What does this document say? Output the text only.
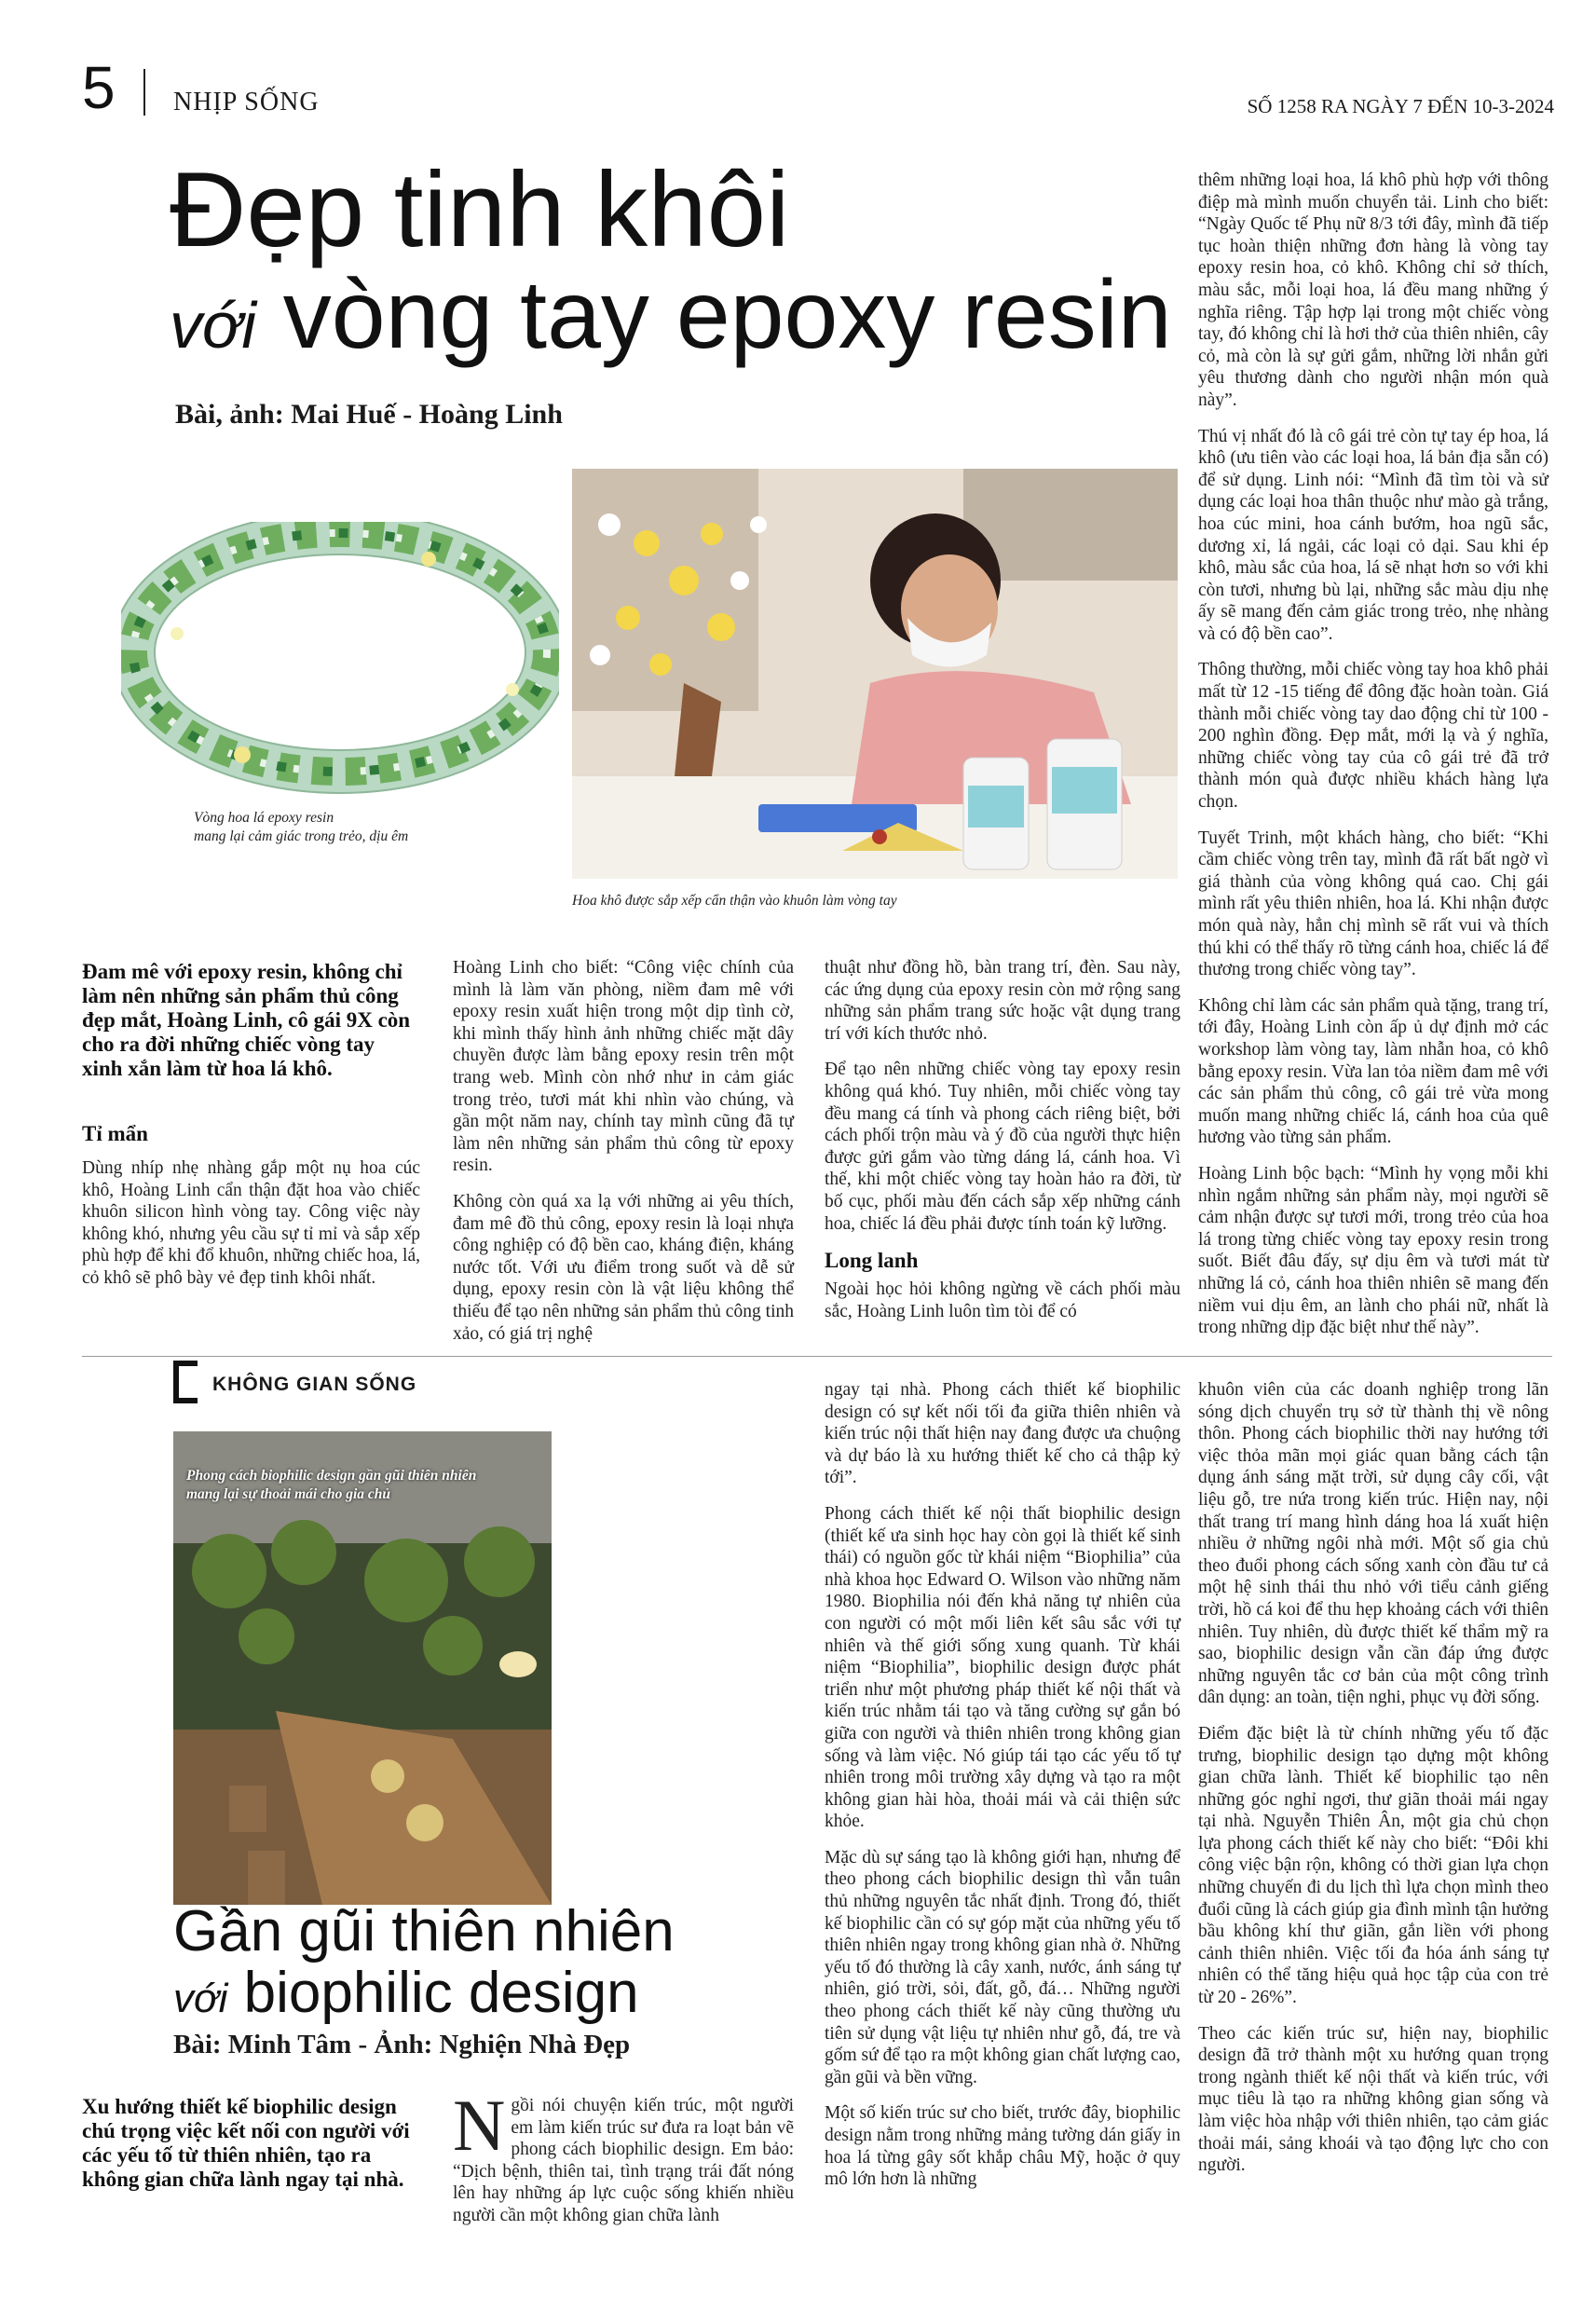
5 NHỊP SỐNG	SỐ 1258 RA NGÀY 7 ĐẾN 10-3-2024
Đẹp tinh khôi
với vòng tay epoxy resin
Bài, ảnh: Mai Huế - Hoàng Linh
Vòng hoa lá epoxy resin
mang lại cảm giác trong trẻo, dịu êm
Hoa khô được sắp xếp cẩn thận vào khuôn làm vòng tay

Đam mê với epoxy resin, không chỉ làm nên những sản phẩm thủ công đẹp mắt, Hoàng Linh, cô gái 9X còn cho ra đời những chiếc vòng tay xinh xắn làm từ hoa lá khô.

Tỉ mẩn

Dùng nhíp nhẹ nhàng gắp một nụ hoa cúc khô, Hoàng Linh cẩn thận đặt hoa vào chiếc khuôn silicon hình vòng tay. Công việc này không khó, nhưng yêu cầu sự tỉ mỉ và sắp xếp phù hợp để khi đổ khuôn, những chiếc hoa, lá, cỏ khô sẽ phô bày vẻ đẹp tinh khôi nhất.

Hoàng Linh cho biết: “Công việc chính của mình là làm văn phòng, niềm đam mê với epoxy resin xuất hiện trong một dịp tình cờ, khi mình thấy hình ảnh những chiếc mặt dây chuyền được làm bằng epoxy resin trên một trang web. Mình còn nhớ như in cảm giác trong trẻo, tươi mát khi nhìn vào chúng, và gần một năm nay, chính tay mình cũng đã tự làm nên những sản phẩm thủ công từ epoxy resin.

Không còn quá xa lạ với những ai yêu thích, đam mê đồ thủ công, epoxy resin là loại nhựa công nghiệp có độ bền cao, kháng điện, kháng nước tốt. Với ưu điểm trong suốt và dễ sử dụng, epoxy resin còn là vật liệu không thể thiếu để tạo nên những sản phẩm thủ công tinh xảo, có giá trị nghệ

thuật như đồng hồ, bàn trang trí, đèn. Sau này, các ứng dụng của epoxy resin còn mở rộng sang những sản phẩm trang sức hoặc vật dụng trang trí với kích thước nhỏ.

Để tạo nên những chiếc vòng tay epoxy resin không quá khó. Tuy nhiên, mỗi chiếc vòng tay đều mang cá tính và phong cách riêng biệt, bởi cách phối trộn màu và ý đồ của người thực hiện được gửi gắm vào từng dáng lá, cánh hoa. Vì thế, khi một chiếc vòng tay hoàn hảo ra đời, từ bố cục, phối màu đến cách sắp xếp những cánh hoa, chiếc lá đều phải được tính toán kỹ lưỡng.

Long lanh

Ngoài học hỏi không ngừng về cách phối màu sắc, Hoàng Linh luôn tìm tòi để có

thêm những loại hoa, lá khô phù hợp với thông điệp mà mình muốn chuyển tải. Linh cho biết: “Ngày Quốc tế Phụ nữ 8/3 tới đây, mình đã tiếp tục hoàn thiện những đơn hàng là vòng tay epoxy resin hoa, cỏ khô. Không chỉ sở thích, màu sắc, mỗi loại hoa, lá đều mang những ý nghĩa riêng. Tập hợp lại trong một chiếc vòng tay, đó không chỉ là hơi thở của thiên nhiên, cây cỏ, mà còn là sự gửi gắm, những lời nhắn gửi yêu thương dành cho người nhận món quà này”.

Thú vị nhất đó là cô gái trẻ còn tự tay ép hoa, lá khô (ưu tiên vào các loại hoa, lá bản địa sẵn có) để sử dụng. Linh nói: “Mình đã tìm tòi và sử dụng các loại hoa thân thuộc như mào gà trắng, hoa cúc mini, hoa cánh bướm, hoa ngũ sắc, dương xỉ, lá ngải, các loại cỏ dại. Sau khi ép khô, màu sắc của hoa, lá sẽ nhạt hơn so với khi còn tươi, nhưng bù lại, những sắc màu dịu nhẹ ấy sẽ mang đến cảm giác trong trẻo, nhẹ nhàng và có độ bền cao”.

Thông thường, mỗi chiếc vòng tay hoa khô phải mất từ 12 -15 tiếng để đông đặc hoàn toàn. Giá thành mỗi chiếc vòng tay dao động chỉ từ 100 - 200 nghìn đồng. Đẹp mắt, mới lạ và ý nghĩa, những chiếc vòng tay của cô gái trẻ đã trở thành món quà được nhiều khách hàng lựa chọn.

Tuyết Trinh, một khách hàng, cho biết: “Khi cầm chiếc vòng trên tay, mình đã rất bất ngờ vì giá thành của vòng không quá cao. Chị gái mình rất yêu thiên nhiên, hoa lá. Khi nhận được món quà này, hẳn chị mình sẽ rất vui và thích thú khi có thể thấy rõ từng cánh hoa, chiếc lá để thương trong chiếc vòng tay”.

Không chỉ làm các sản phẩm quà tặng, trang trí, tới đây, Hoàng Linh còn ấp ủ dự định mở các workshop làm vòng tay, làm nhẫn hoa, cỏ khô bằng epoxy resin. Vừa lan tỏa niềm đam mê với các sản phẩm thủ công, cô gái trẻ vừa mong muốn mang những chiếc lá, cánh hoa của quê hương vào từng sản phẩm.

Hoàng Linh bộc bạch: “Mình hy vọng mỗi khi nhìn ngắm những sản phẩm này, mọi người sẽ cảm nhận được sự tươi mới, trong trẻo của hoa lá trong từng chiếc vòng tay epoxy resin trong suốt. Biết đâu đấy, sự dịu êm và tươi mát từ những lá cỏ, cánh hoa thiên nhiên sẽ mang đến niềm vui dịu êm, an lành cho phái nữ, nhất là trong những dịp đặc biệt như thế này”.

KHÔNG GIAN SỐNG
Phong cách biophilic design gần gũi thiên nhiên
mang lại sự thoải mái cho gia chủ
Gần gũi thiên nhiên
với biophilic design
Bài: Minh Tâm - Ảnh: Nghiện Nhà Đẹp

Xu hướng thiết kế biophilic design chú trọng việc kết nối con người với các yếu tố từ thiên nhiên, tạo ra không gian chữa lành ngay tại nhà.

Ngồi nói chuyện kiến trúc, một người em làm kiến trúc sư đưa ra loạt bản vẽ phong cách biophilic design. Em bảo: “Dịch bệnh, thiên tai, tình trạng trái đất nóng lên hay những áp lực cuộc sống khiến nhiều người cần một không gian chữa lành

ngay tại nhà. Phong cách thiết kế biophilic design có sự kết nối tối đa giữa thiên nhiên và kiến trúc nội thất hiện nay đang được ưa chuộng và dự báo là xu hướng thiết kế cho cả thập kỷ tới”.

Phong cách thiết kế nội thất biophilic design (thiết kế ưa sinh học hay còn gọi là thiết kế sinh thái) có nguồn gốc từ khái niệm “Biophilia” của nhà khoa học Edward O. Wilson vào những năm 1980. Biophilia nói đến khả năng tự nhiên của con người có một mối liên kết sâu sắc với tự nhiên và thế giới sống xung quanh. Từ khái niệm “Biophilia”, biophilic design được phát triển như một phương pháp thiết kế nội thất và kiến trúc nhằm tái tạo và tăng cường sự gắn bó giữa con người và thiên nhiên trong không gian sống và làm việc. Nó giúp tái tạo các yếu tố tự nhiên trong môi trường xây dựng và tạo ra một không gian hài hòa, thoải mái và cải thiện sức khỏe.

Mặc dù sự sáng tạo là không giới hạn, nhưng để theo phong cách biophilic design thì vẫn tuân thủ những nguyên tắc nhất định. Trong đó, thiết kế biophilic cần có sự góp mặt của những yếu tố thiên nhiên ngay trong không gian nhà ở. Những yếu tố đó thường là cây xanh, nước, ánh sáng tự nhiên, gió trời, sỏi, đất, gỗ, đá… Những người theo phong cách thiết kế này cũng thường ưu tiên sử dụng vật liệu tự nhiên như gỗ, đá, tre và gốm sứ để tạo ra một không gian chất lượng cao, gần gũi và bền vững.

Một số kiến trúc sư cho biết, trước đây, biophilic design nằm trong những mảng tường dán giấy in hoa lá từng gây sốt khắp châu Mỹ, hoặc ở quy mô lớn hơn là những

khuôn viên của các doanh nghiệp trong lãn sóng dịch chuyển trụ sở từ thành thị về nông thôn. Phong cách biophilic thời nay hướng tới việc thỏa mãn mọi giác quan bằng cách tận dụng ánh sáng mặt trời, sử dụng cây cối, vật liệu gỗ, tre nứa trong kiến trúc. Hiện nay, nội thất trang trí mang hình dáng hoa lá xuất hiện nhiều ở những ngôi nhà mới. Một số gia chủ theo đuổi phong cách sống xanh còn đầu tư cả một hệ sinh thái thu nhỏ với tiểu cảnh giếng trời, hồ cá koi để thu hẹp khoảng cách với thiên nhiên. Tuy nhiên, dù được thiết kế thẩm mỹ ra sao, biophilic design vẫn cần đáp ứng được những nguyên tắc cơ bản của một công trình dân dụng: an toàn, tiện nghi, phục vụ đời sống.

Điểm đặc biệt là từ chính những yếu tố đặc trưng, biophilic design tạo dựng một không gian chữa lành. Thiết kế biophilic tạo nên những góc nghỉ ngơi, thư giãn thoải mái ngay tại nhà. Nguyễn Thiên Ân, một gia chủ chọn lựa phong cách thiết kế này cho biết: “Đôi khi công việc bận rộn, không có thời gian lựa chọn những chuyến đi du lịch thì lựa chọn mình theo đuổi cũng là cách giúp gia đình mình tận hưởng bầu không khí thư giãn, gắn liền với phong cảnh thiên nhiên. Việc tối đa hóa ánh sáng tự nhiên có thể tăng hiệu quả học tập của con trẻ từ 20 - 26%”.

Theo các kiến trúc sư, hiện nay, biophilic design đã trở thành một xu hướng quan trọng trong ngành thiết kế nội thất và kiến trúc, với mục tiêu là tạo ra những không gian sống và làm việc hòa nhập với thiên nhiên, tạo cảm giác thoải mái, sảng khoái và tạo động lực cho con người.
